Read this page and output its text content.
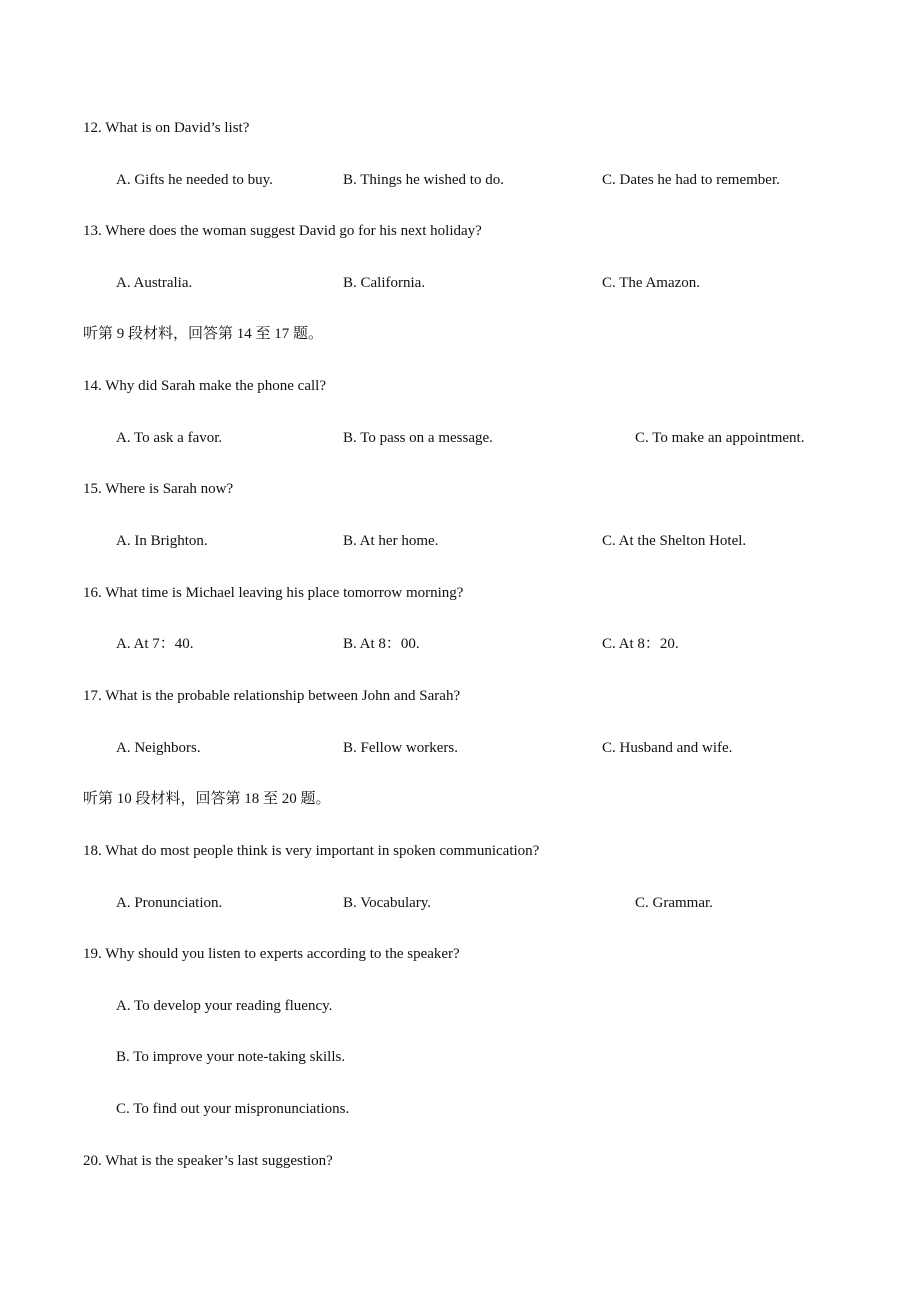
12. What is on David’s list?
A. Gifts he needed to buy.	B. Things he wished to do.	C. Dates he had to remember.
13. Where does the woman suggest David go for his next holiday?
A. Australia.	B. California.	C. The Amazon.
听第 9 段材料，回答第 14 至 17 题。
14. Why did Sarah make the phone call?
A. To ask a favor.	B. To pass on a message.	C. To make an appointment.
15. Where is Sarah now?
A. In Brighton.	B. At her home.	C. At the Shelton Hotel.
16. What time is Michael leaving his place tomorrow morning?
A. At 7：40.	B. At 8：00.	C. At 8：20.
17. What is the probable relationship between John and Sarah?
A. Neighbors.	B. Fellow workers.	C. Husband and wife.
听第 10 段材料，回答第 18 至 20 题。
18. What do most people think is very important in spoken communication?
A. Pronunciation.	B. Vocabulary.	C. Grammar.
19. Why should you listen to experts according to the speaker?
A. To develop your reading fluency.
B. To improve your note-taking skills.
C. To find out your mispronunciations.
20. What is the speaker’s last suggestion?
